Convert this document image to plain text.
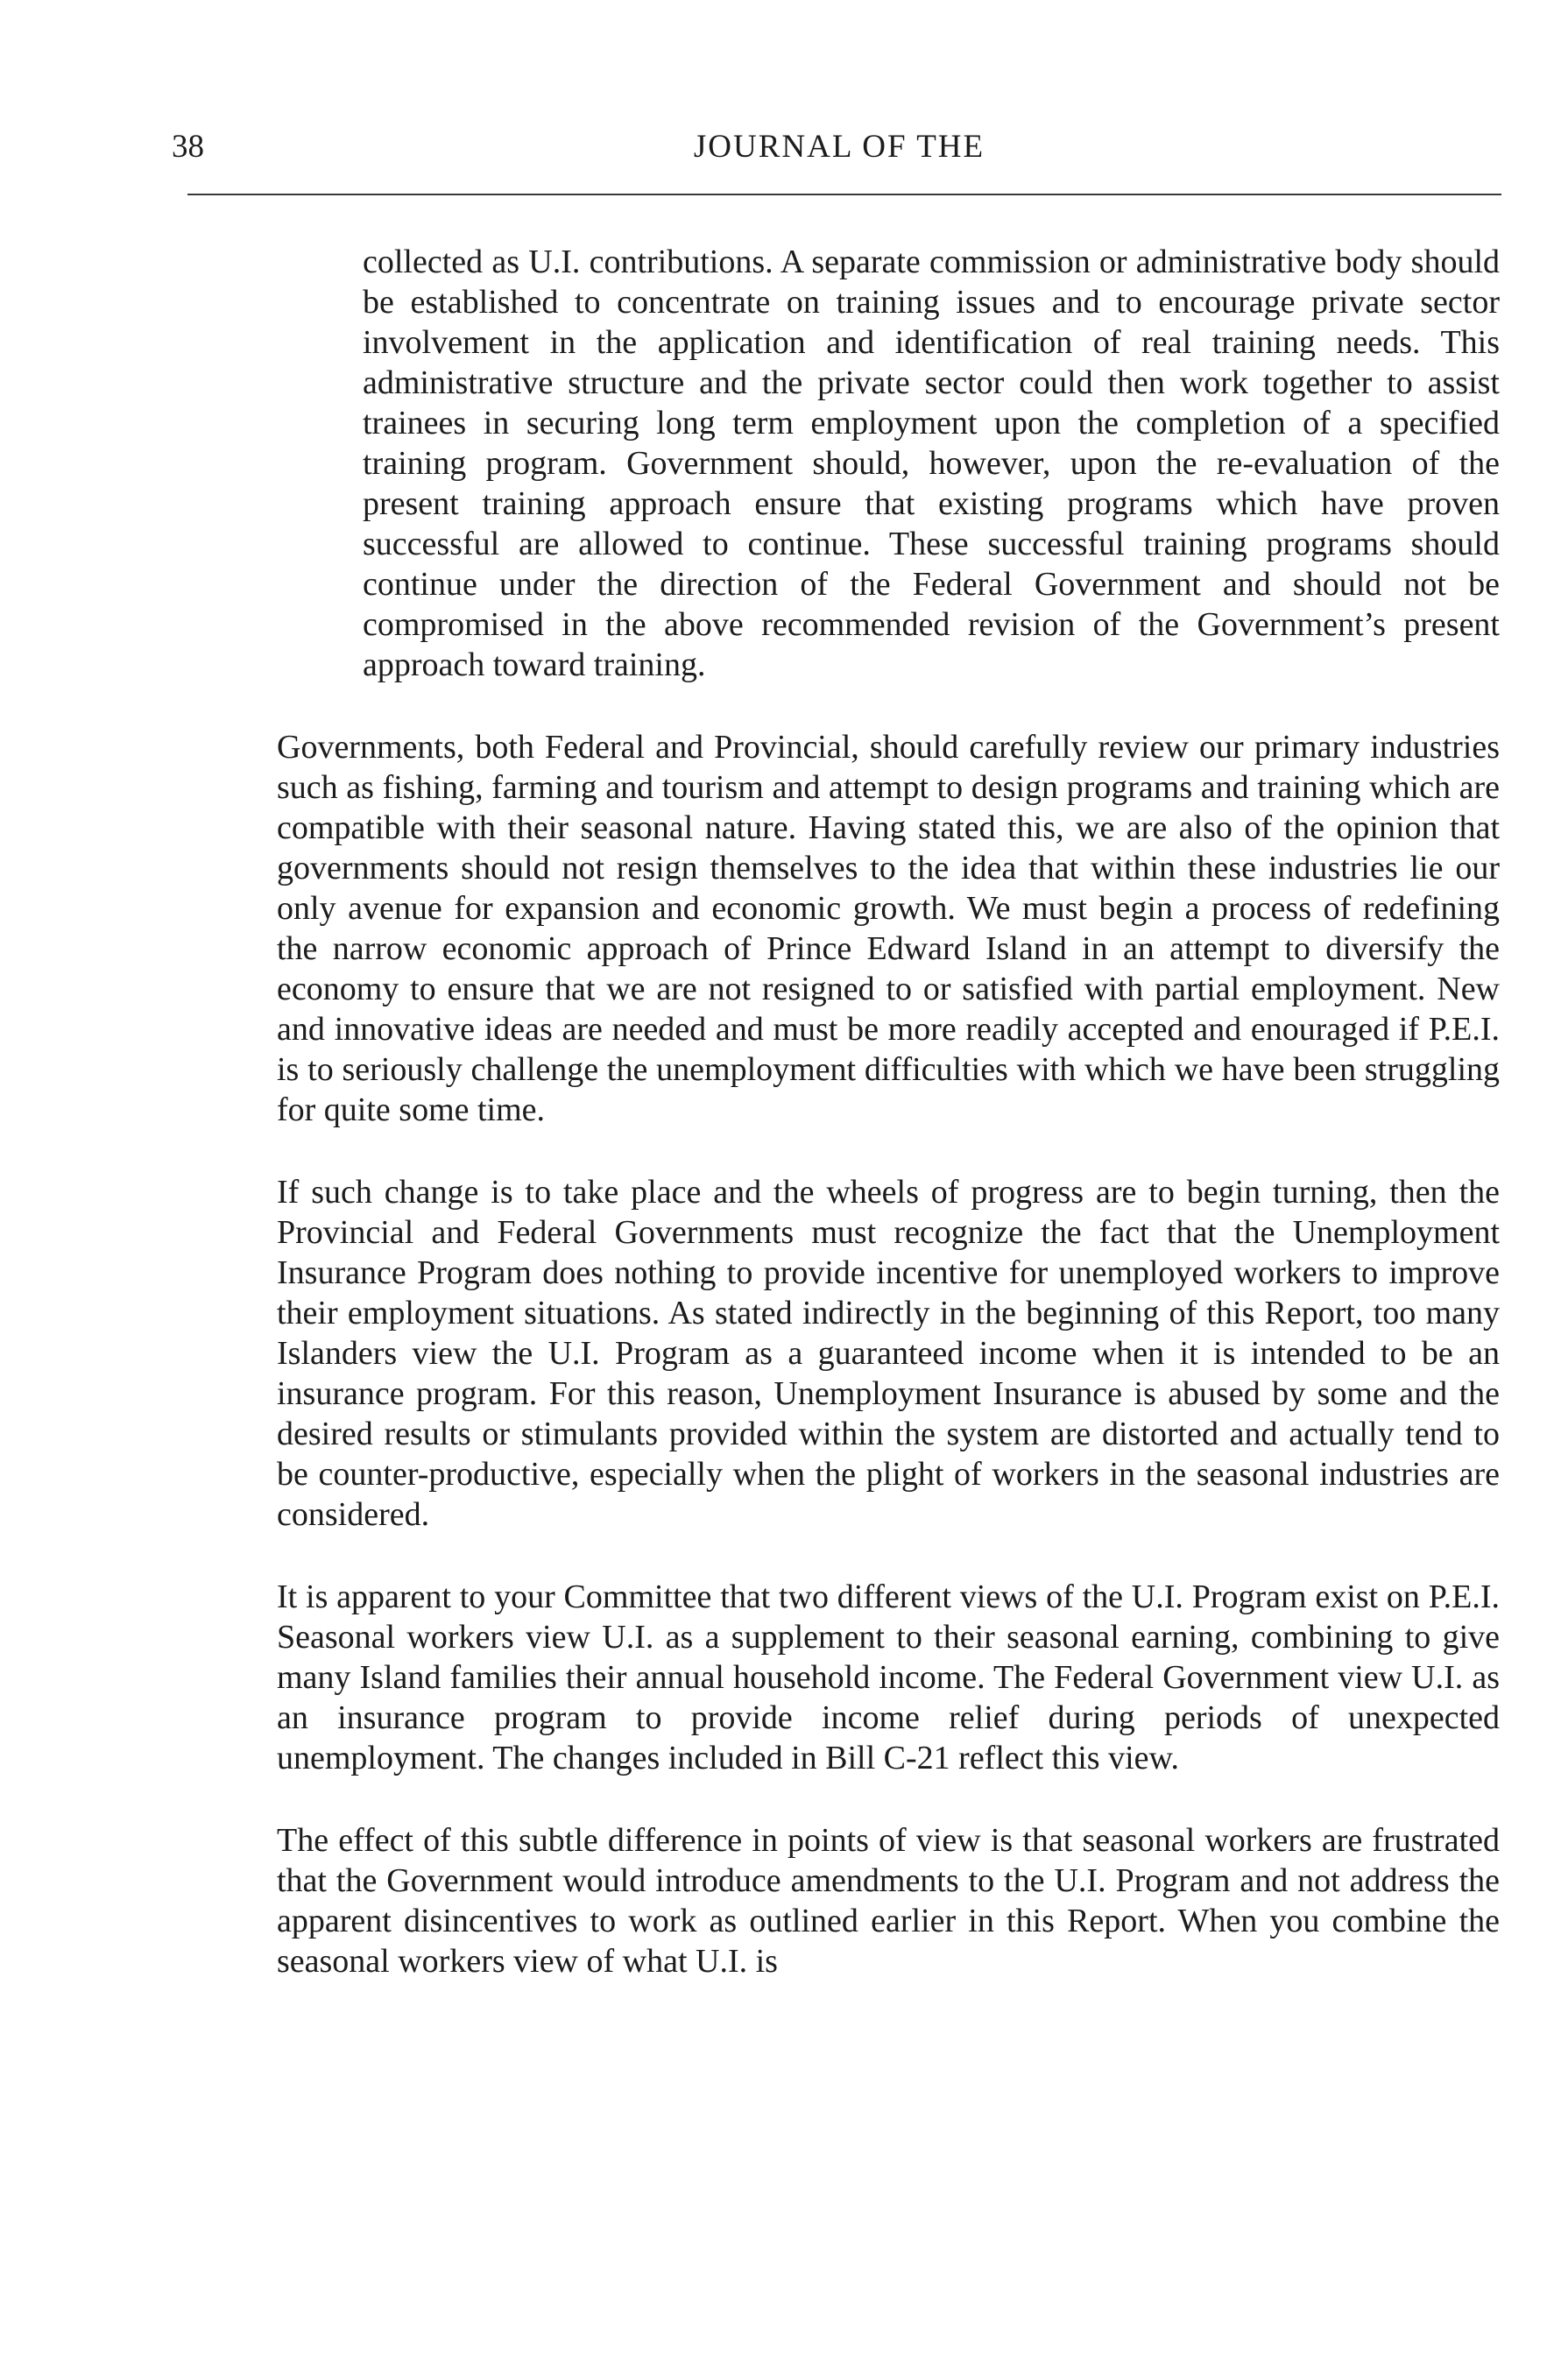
38	JOURNAL OF THE

collected as U.I. contributions. A separate commission or administrative body should be established to concentrate on training issues and to encourage private sector involvement in the application and identification of real training needs. This administrative structure and the private sector could then work together to assist trainees in securing long term employment upon the completion of a specified training program. Government should, however, upon the re-evaluation of the present training approach ensure that existing programs which have proven successful are allowed to continue. These successful training programs should continue under the direction of the Federal Government and should not be compromised in the above recommended revision of the Government’s present approach toward training.

Governments, both Federal and Provincial, should carefully review our primary industries such as fishing, farming and tourism and attempt to design programs and training which are compatible with their seasonal nature. Having stated this, we are also of the opinion that governments should not resign themselves to the idea that within these industries lie our only avenue for expansion and economic growth. We must begin a process of redefining the narrow economic approach of Prince Edward Island in an attempt to diversify the economy to ensure that we are not resigned to or satisfied with partial employment. New and innovative ideas are needed and must be more readily accepted and enouraged if P.E.I. is to seriously challenge the unemployment difficulties with which we have been struggling for quite some time.

If such change is to take place and the wheels of progress are to begin turning, then the Provincial and Federal Governments must recognize the fact that the Unemployment Insurance Program does nothing to provide incentive for unemployed workers to improve their employment situations. As stated indirectly in the beginning of this Report, too many Islanders view the U.I. Program as a guaranteed income when it is intended to be an insurance program. For this reason, Unemployment Insurance is abused by some and the desired results or stimulants provided within the system are distorted and actually tend to be counter-productive, especially when the plight of workers in the seasonal industries are considered.

It is apparent to your Committee that two different views of the U.I. Program exist on P.E.I. Seasonal workers view U.I. as a supplement to their seasonal earning, combining to give many Island families their annual household income. The Federal Government view U.I. as an insurance program to provide income relief during periods of unexpected unemployment. The changes included in Bill C-21 reflect this view.

The effect of this subtle difference in points of view is that seasonal workers are frustrated that the Government would introduce amendments to the U.I. Program and not address the apparent disincentives to work as outlined earlier in this Report. When you combine the seasonal workers view of what U.I. is
